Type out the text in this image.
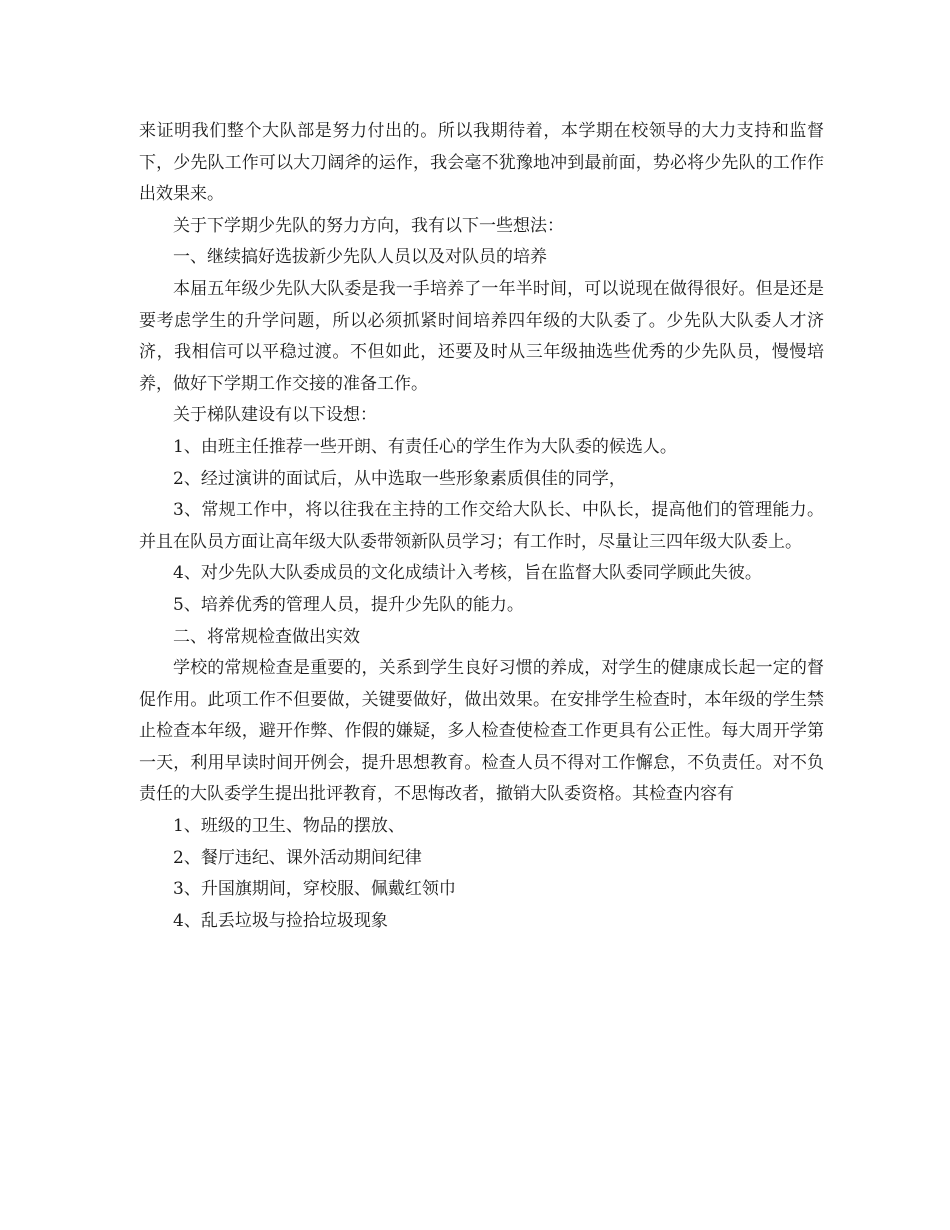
来证明我们整个大队部是努力付出的。所以我期待着，本学期在校领导的大力支持和监督下，少先队工作可以大刀阔斧的运作，我会毫不犹豫地冲到最前面，势必将少先队的工作作出效果来。

关于下学期少先队的努力方向，我有以下一些想法：

一、继续搞好选拔新少先队人员以及对队员的培养

本届五年级少先队大队委是我一手培养了一年半时间，可以说现在做得很好。但是还是要考虑学生的升学问题，所以必须抓紧时间培养四年级的大队委了。少先队大队委人才济济，我相信可以平稳过渡。不但如此，还要及时从三年级抽选些优秀的少先队员，慢慢培养，做好下学期工作交接的准备工作。

关于梯队建设有以下设想：

1、由班主任推荐一些开朗、有责任心的学生作为大队委的候选人。

2、经过演讲的面试后，从中选取一些形象素质俱佳的同学，

3、常规工作中，将以往我在主持的工作交给大队长、中队长，提高他们的管理能力。并且在队员方面让高年级大队委带领新队员学习；有工作时，尽量让三四年级大队委上。

4、对少先队大队委成员的文化成绩计入考核，旨在监督大队委同学顾此失彼。

5、培养优秀的管理人员，提升少先队的能力。

二、将常规检查做出实效

学校的常规检查是重要的，关系到学生良好习惯的养成，对学生的健康成长起一定的督促作用。此项工作不但要做，关键要做好，做出效果。在安排学生检查时，本年级的学生禁止检查本年级，避开作弊、作假的嫌疑，多人检查使检查工作更具有公正性。每大周开学第一天，利用早读时间开例会，提升思想教育。检查人员不得对工作懈怠，不负责任。对不负责任的大队委学生提出批评教育，不思悔改者，撤销大队委资格。其检查内容有

1、班级的卫生、物品的摆放、

2、餐厅违纪、课外活动期间纪律

3、升国旗期间，穿校服、佩戴红领巾

4、乱丢垃圾与捡拾垃圾现象
